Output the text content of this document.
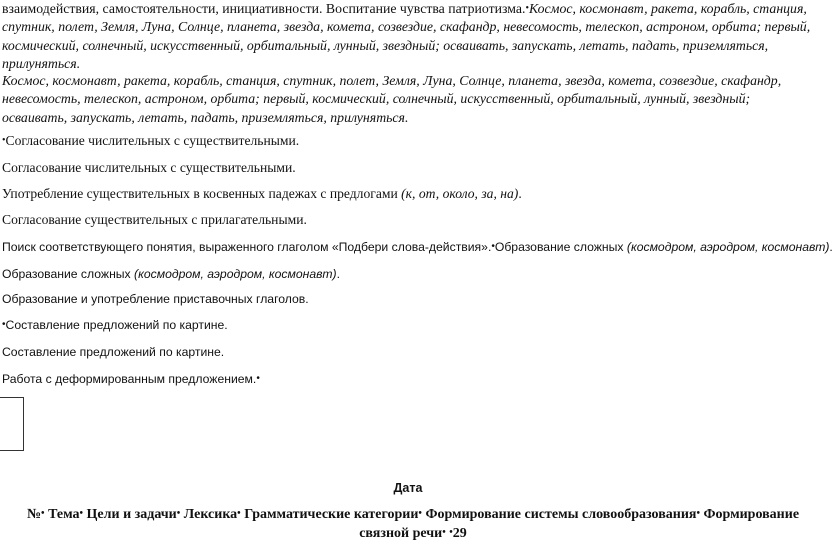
взаимодействия, самостоятельности, инициативности. Воспитание чувства патриотизма.•Космос, космонавт, ракета, корабль, станция, спутник, полет, Земля, Луна, Солнце, планета, звезда, комета, созвездие, скафандр, невесомость, телескоп, астроном, орбита; первый, космический, солнечный, искусственный, орбитальный, лунный, звездный; осваивать, запускать, летать, падать, приземляться, прилуняться.
Космос, космонавт, ракета, корабль, станция, спутник, полет, Земля, Луна, Солнце, планета, звезда, комета, созвездие, скафандр, невесомость, телескоп, астроном, орбита; первый, космический, солнечный, искусственный, орбитальный, лунный, звездный; осваивать, запускать, летать, падать, приземляться, прилуняться.
•Согласование числительных с существительными.
Согласование числительных с существительными.
Употребление существительных в косвенных падежах с предлогами (к, от, около, за, на).
Согласование существительных с прилагательными.
Поиск соответствующего понятия, выраженного глаголом «Подбери слова-действия».•Образование сложных (космодром, аэродром, космонавт).
Образование сложных (космодром, аэродром, космонавт).
Образование и употребление приставочных глаголов.
•Составление предложений по картине.
Составление предложений по картине.
Работа с деформированным предложением.•
Дата
№• Тема• Цели и задачи• Лексика• Грамматические категории• Формирование системы словообразования• Формирование связной речи• •29
